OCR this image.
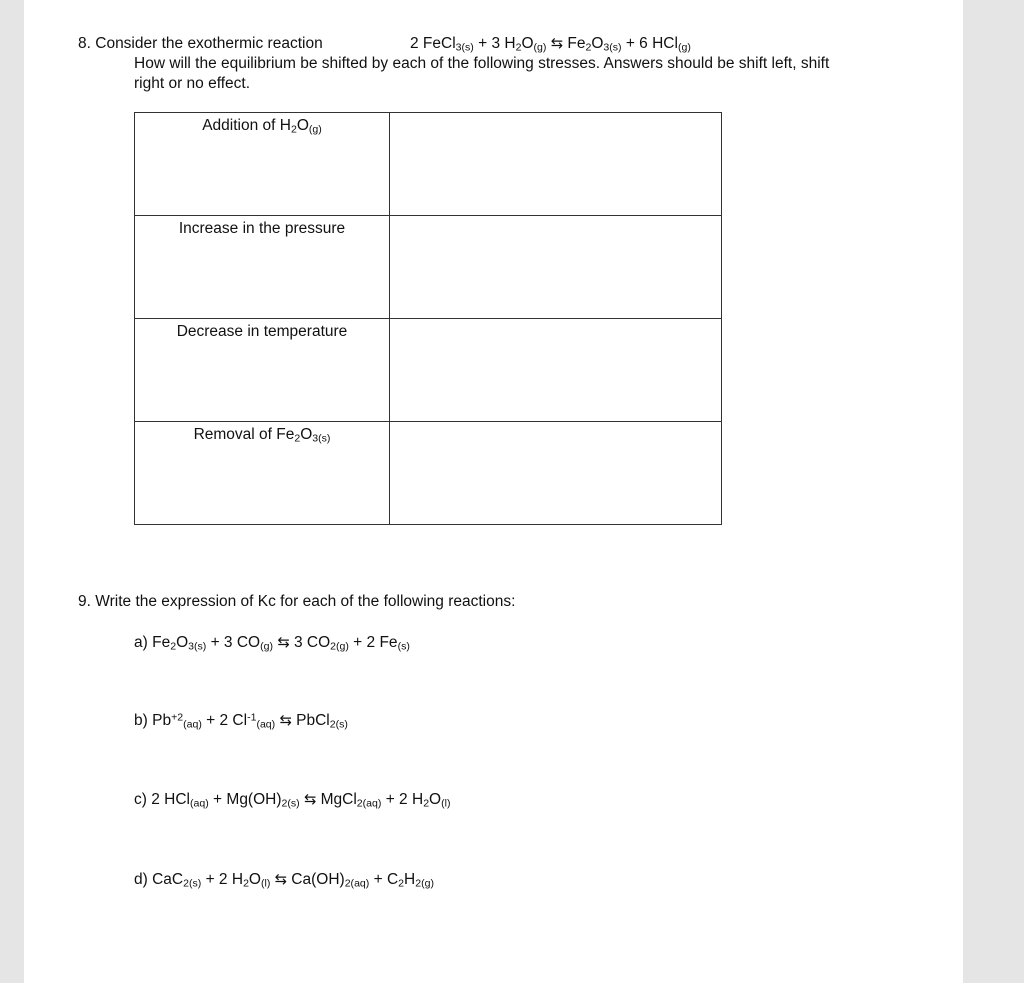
8. Consider the exothermic reaction	2 FeCl$_{3(s)}$ + 3 $H_2O_{(g)}$ ⇆ $Fe_2O_{3(s)} + 6$ HCl$_{(g)}$
How will the equilibrium be shifted by each of the following stresses. Answers should be shift left, shift
right or no effect.
Addition of $H_2O_{(g)}$	
Increase in the pressure	
Decrease in temperature	
Removal of $Fe_2O_{3(s)}$	
9. Write the expression of Kc for each of the following reactions:
a) $Fe_2O_{3(s)} + 3$ $CO_{(g)}$ ⇆ 3 $CO_{2(g)} + 2$ $Fe_{(s)}$
b) $Pb^{+2}_{(aq)} + 2$ $Cl^{-1}_{(aq)}$ ⇆ PbCl$_{2(s)}$
c) 2 $HCl_{(aq)} + Mg(OH)_{2(s)}$ ⇆ MgCl$_{2(aq)}$ + 2 $H_2O_{(l)}$
d) CaC$_{2(s)}$ + 2 $H_2O_{(l)}$ ⇆ $Ca(OH)_{2(aq)} + C_2H_{2(g)}$
